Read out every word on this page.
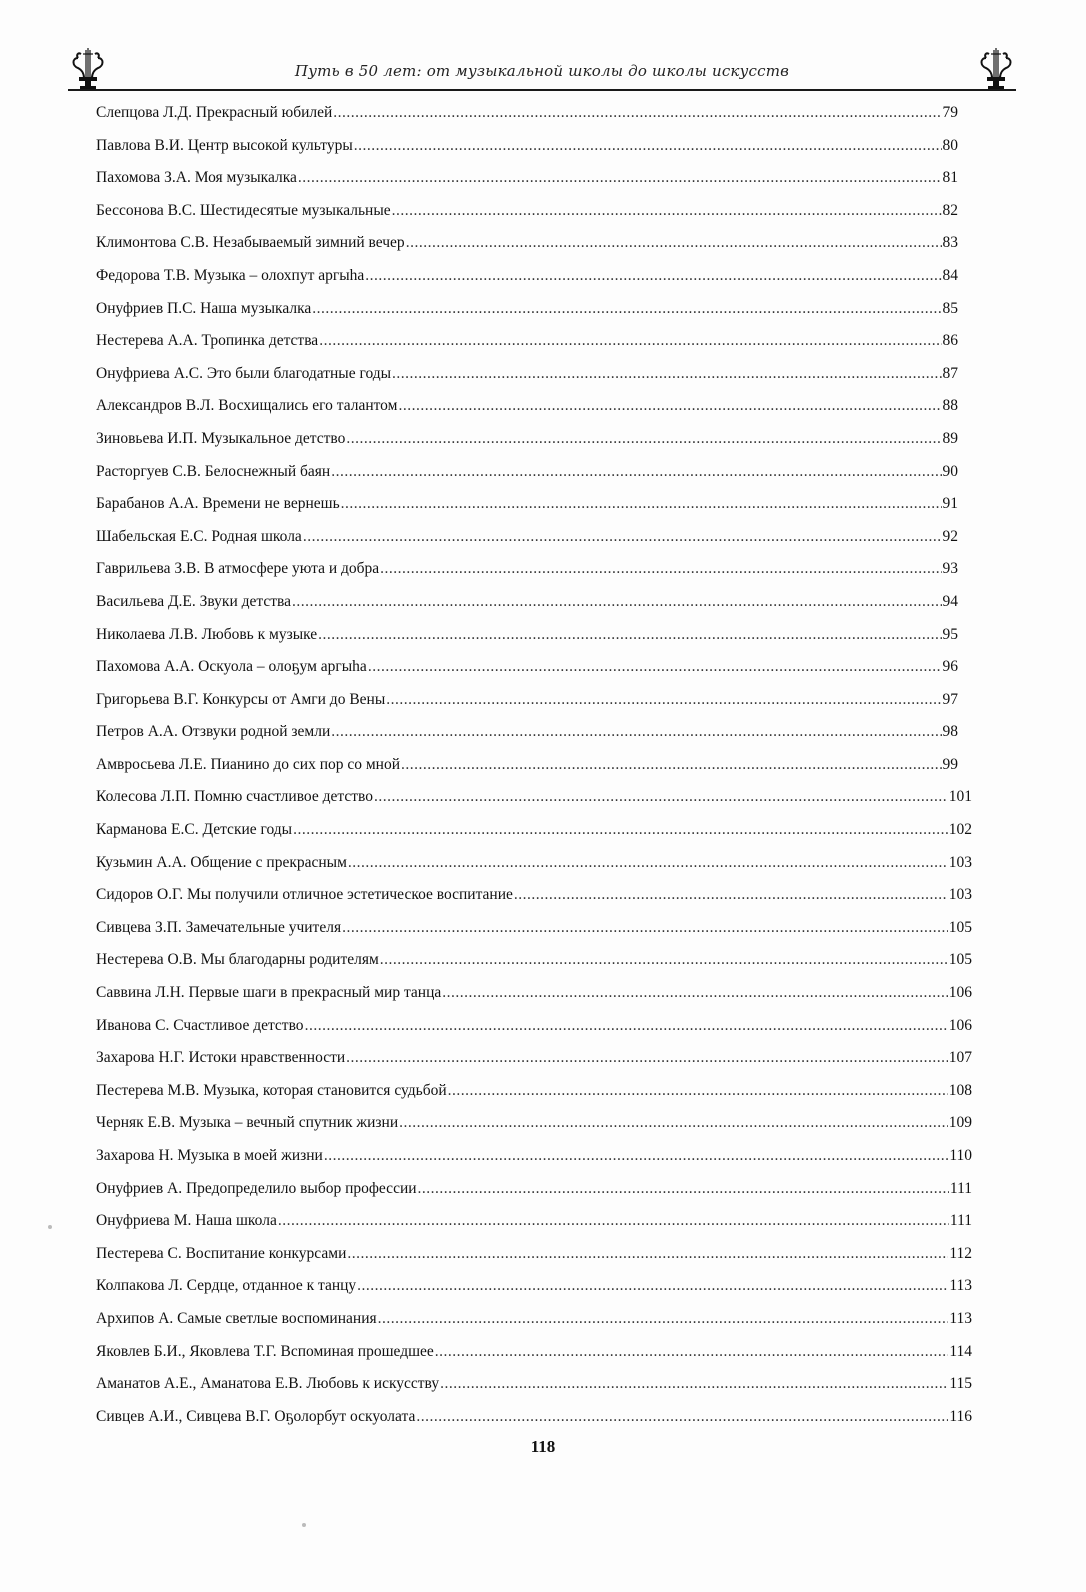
Путь в 50 лет: от музыкальной школы до школы искусств
Слепцова Л.Д. Прекрасный юбилей .....	79
Павлова В.И. Центр высокой культуры .....	80
Пахомова З.А. Моя музыкалка .....	81
Бессонова В.С. Шестидесятые музыкальные .....	82
Климонтова С.В. Незабываемый зимний вечер .....	83
Федорова Т.В. Музыка – олохпут аргыһа .....	84
Онуфриев П.С. Наша музыкалка .....	85
Нестерева А.А. Тропинка детства .....	86
Онуфриева А.С. Это были благодатные годы .....	87
Александров В.Л. Восхищались его талантом .....	88
Зиновьева И.П. Музыкальное детство .....	89
Расторгуев С.В. Белоснежный баян .....	90
Барабанов А.А. Времени не вернешь .....	91
Шабельская Е.С. Родная школа .....	92
Гаврильева З.В. В атмосфере уюта и добра .....	93
Васильева Д.Е. Звуки детства .....	94
Николаева Л.В. Любовь к музыке .....	95
Пахомова А.А. Оскуола – олоҕум аргыһа .....	96
Григорьева В.Г. Конкурсы от Амги до Вены .....	97
Петров А.А. Отзвуки родной земли .....	98
Амвросьева Л.Е. Пианино до сих пор со мной .....	99
Колесова Л.П. Помню счастливое детство .....	101
Карманова Е.С. Детские годы .....	102
Кузьмин А.А. Общение с прекрасным .....	103
Сидоров О.Г. Мы получили отличное эстетическое воспитание .....	103
Сивцева З.П. Замечательные учителя .....	105
Нестерева О.В. Мы благодарны родителям .....	105
Саввина Л.Н. Первые шаги в прекрасный мир танца .....	106
Иванова С. Счастливое детство .....	106
Захарова Н.Г. Истоки нравственности .....	107
Пестерева М.В. Музыка, которая становится судьбой .....	108
Черняк Е.В. Музыка – вечный спутник жизни .....	109
Захарова Н. Музыка в моей жизни .....	110
Онуфриев А. Предопределило выбор профессии .....	111
Онуфриева М. Наша школа .....	111
Пестерева С. Воспитание конкурсами .....	112
Колпакова Л. Сердце, отданное к танцу .....	113
Архипов А. Самые светлые воспоминания .....	113
Яковлев Б.И., Яковлева Т.Г. Вспоминая прошедшее .....	114
Аманатов А.Е., Аманатова Е.В. Любовь к искусству .....	115
Сивцев А.И., Сивцева В.Г. Оҕолорбут оскуолата .....	116
118
